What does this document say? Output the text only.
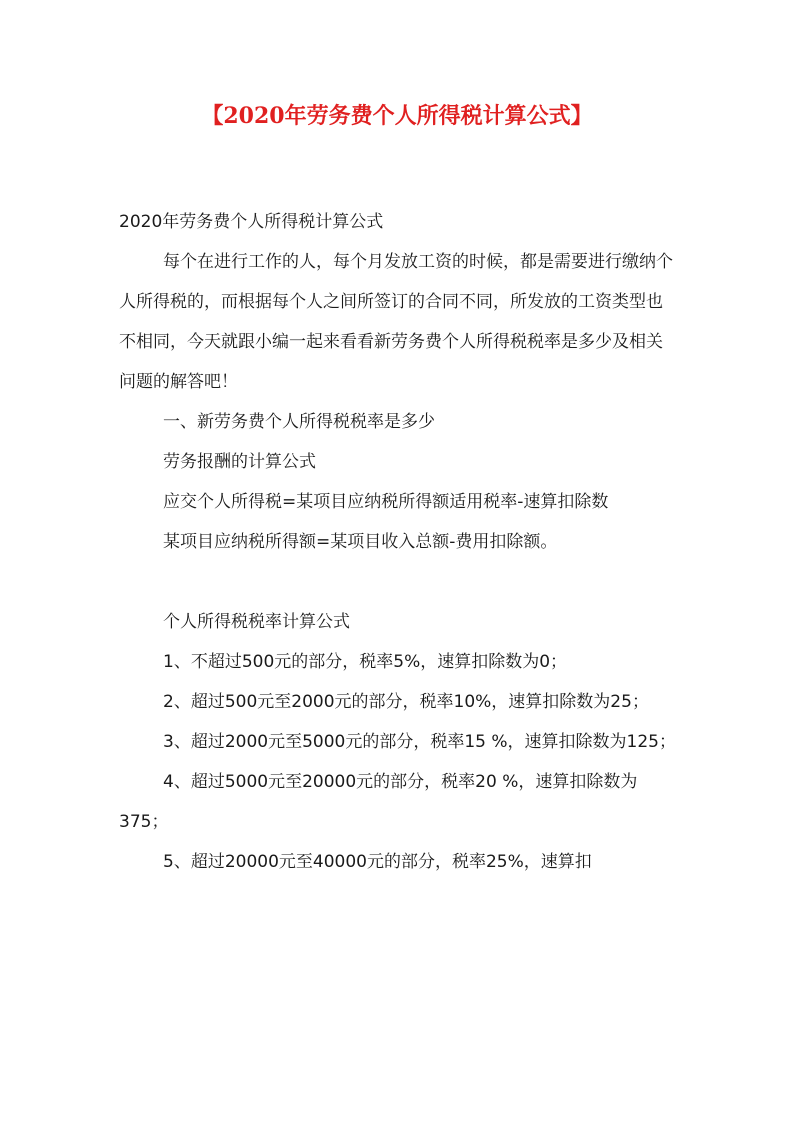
【2020年劳务费个人所得税计算公式】

2020年劳务费个人所得税计算公式

每个在进行工作的人，每个月发放工资的时候，都是需要进行缴纳个人所得税的，而根据每个人之间所签订的合同不同，所发放的工资类型也不相同，今天就跟小编一起来看看新劳务费个人所得税税率是多少及相关问题的解答吧！

一、新劳务费个人所得税税率是多少

劳务报酬的计算公式

应交个人所得税=某项目应纳税所得额适用税率-速算扣除数

某项目应纳税所得额=某项目收入总额-费用扣除额。

个人所得税税率计算公式

1、不超过500元的部分，税率5%，速算扣除数为0；

2、超过500元至2000元的部分，税率10%，速算扣除数为25；

3、超过2000元至5000元的部分，税率15 %，速算扣除数为125；

4、超过5000元至20000元的部分，税率20 %，速算扣除数为375；

5、超过20000元至40000元的部分，税率25%，速算扣
